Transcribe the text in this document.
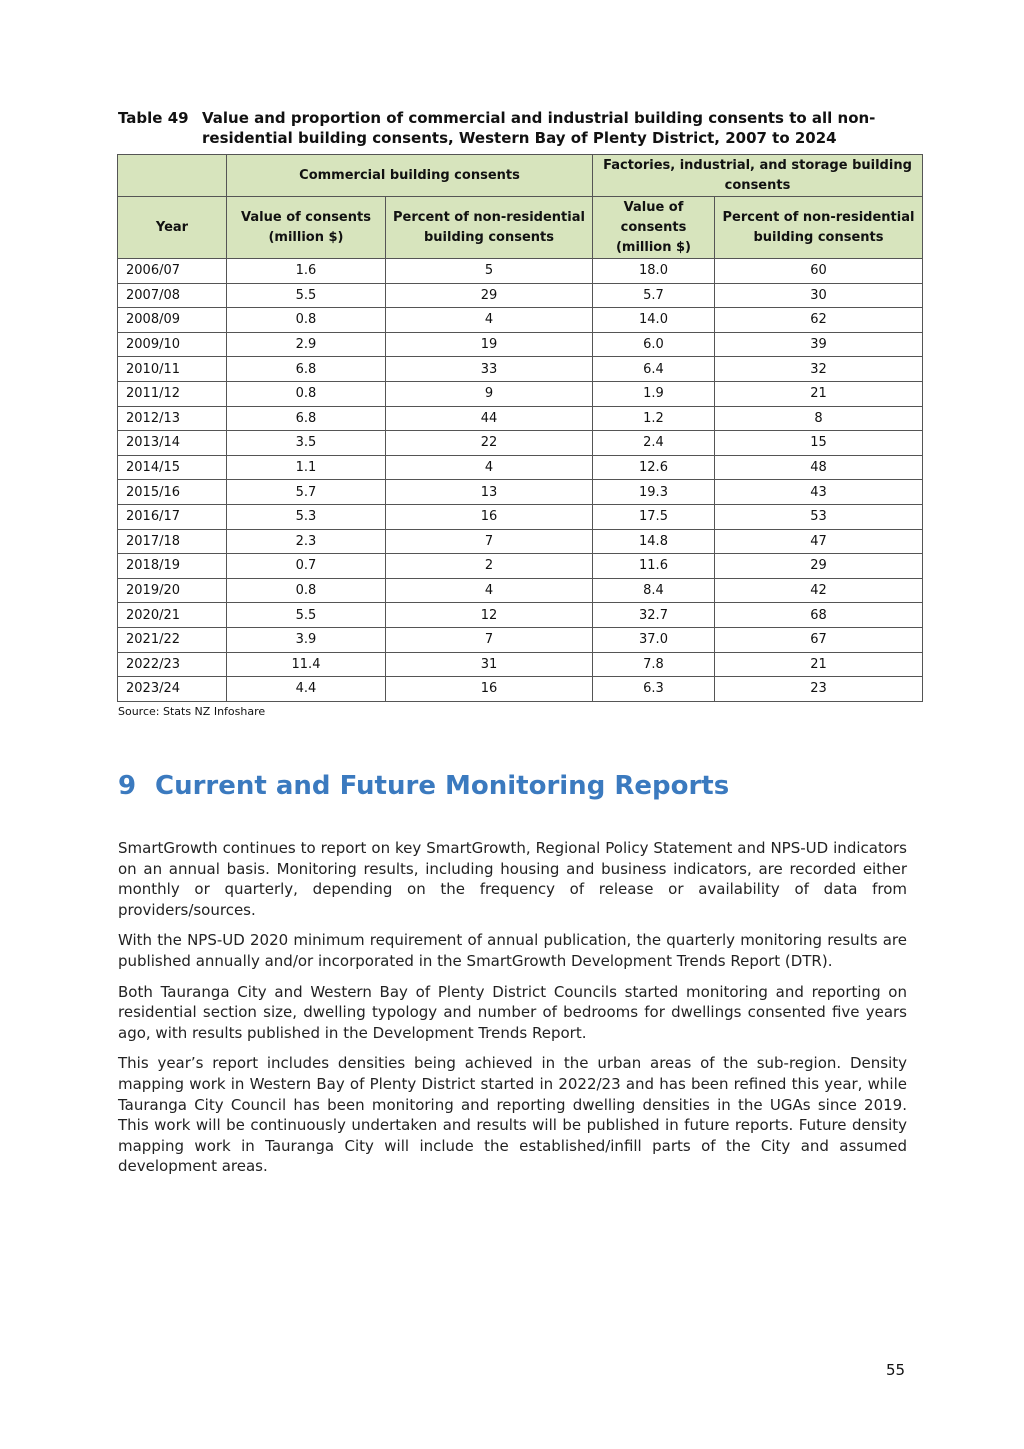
Table 49 Value and proportion of commercial and industrial building consents to all non-residential building consents, Western Bay of Plenty District, 2007 to 2024
	Commercial building consents		Factories, industrial, and storage building consents	
Year	Value of consents (million $)	Percent of non-residential building consents	Value of consents (million $)	Percent of non-residential building consents
2006/07	1.6	5	18.0	60
2007/08	5.5	29	5.7	30
2008/09	0.8	4	14.0	62
2009/10	2.9	19	6.0	39
2010/11	6.8	33	6.4	32
2011/12	0.8	9	1.9	21
2012/13	6.8	44	1.2	8
2013/14	3.5	22	2.4	15
2014/15	1.1	4	12.6	48
2015/16	5.7	13	19.3	43
2016/17	5.3	16	17.5	53
2017/18	2.3	7	14.8	47
2018/19	0.7	2	11.6	29
2019/20	0.8	4	8.4	42
2020/21	5.5	12	32.7	68
2021/22	3.9	7	37.0	67
2022/23	11.4	31	7.8	21
2023/24	4.4	16	6.3	23
Source: Stats NZ Infoshare
9 Current and Future Monitoring Reports

SmartGrowth continues to report on key SmartGrowth, Regional Policy Statement and NPS-UD indicators on an annual basis. Monitoring results, including housing and business indicators, are recorded either monthly or quarterly, depending on the frequency of release or availability of data from providers/sources.

With the NPS-UD 2020 minimum requirement of annual publication, the quarterly monitoring results are published annually and/or incorporated in the SmartGrowth Development Trends Report (DTR).

Both Tauranga City and Western Bay of Plenty District Councils started monitoring and reporting on residential section size, dwelling typology and number of bedrooms for dwellings consented five years ago, with results published in the Development Trends Report.

This year’s report includes densities being achieved in the urban areas of the sub-region. Density mapping work in Western Bay of Plenty District started in 2022/23 and has been refined this year, while Tauranga City Council has been monitoring and reporting dwelling densities in the UGAs since 2019. This work will be continuously undertaken and results will be published in future reports. Future density mapping work in Tauranga City will include the established/infill parts of the City and assumed development areas.

55
